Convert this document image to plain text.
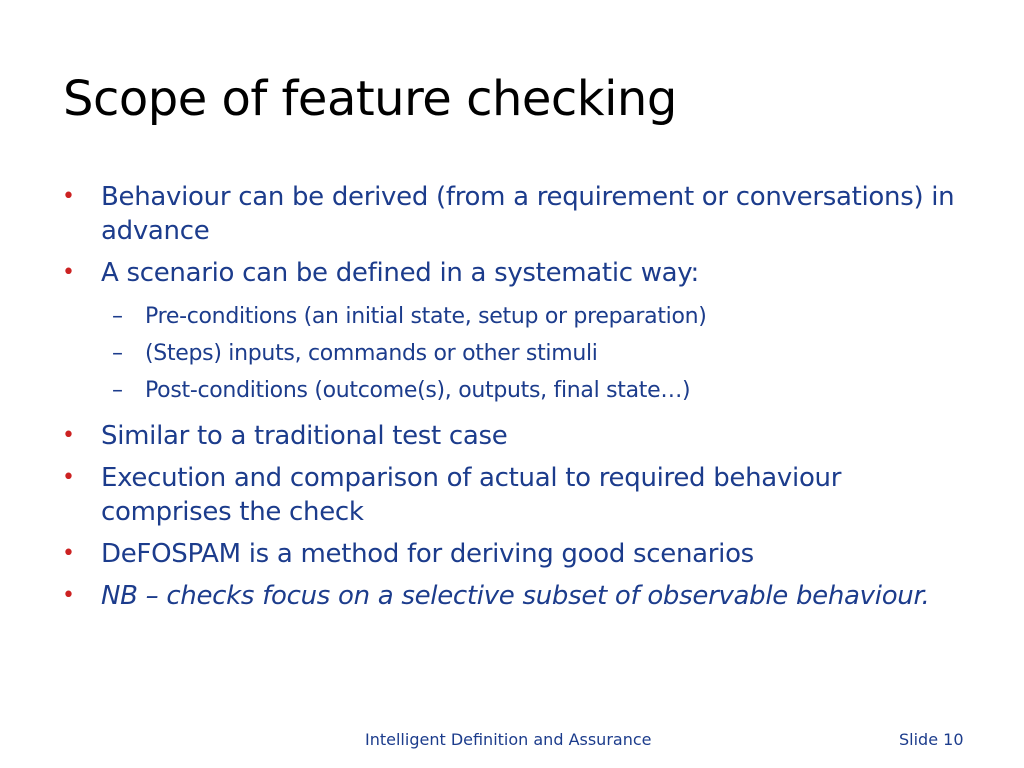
Scope of feature checking
• Behaviour can be derived (from a requirement or conversations) in advance
• A scenario can be defined in a systematic way:
– Pre-conditions (an initial state, setup or preparation)
– (Steps) inputs, commands or other stimuli
– Post-conditions (outcome(s), outputs, final state…)
• Similar to a traditional test case
• Execution and comparison of actual to required behaviour comprises the check
• DeFOSPAM is a method for deriving good scenarios
• NB – checks focus on a selective subset of observable behaviour.
Intelligent Definition and Assurance	Slide 10
